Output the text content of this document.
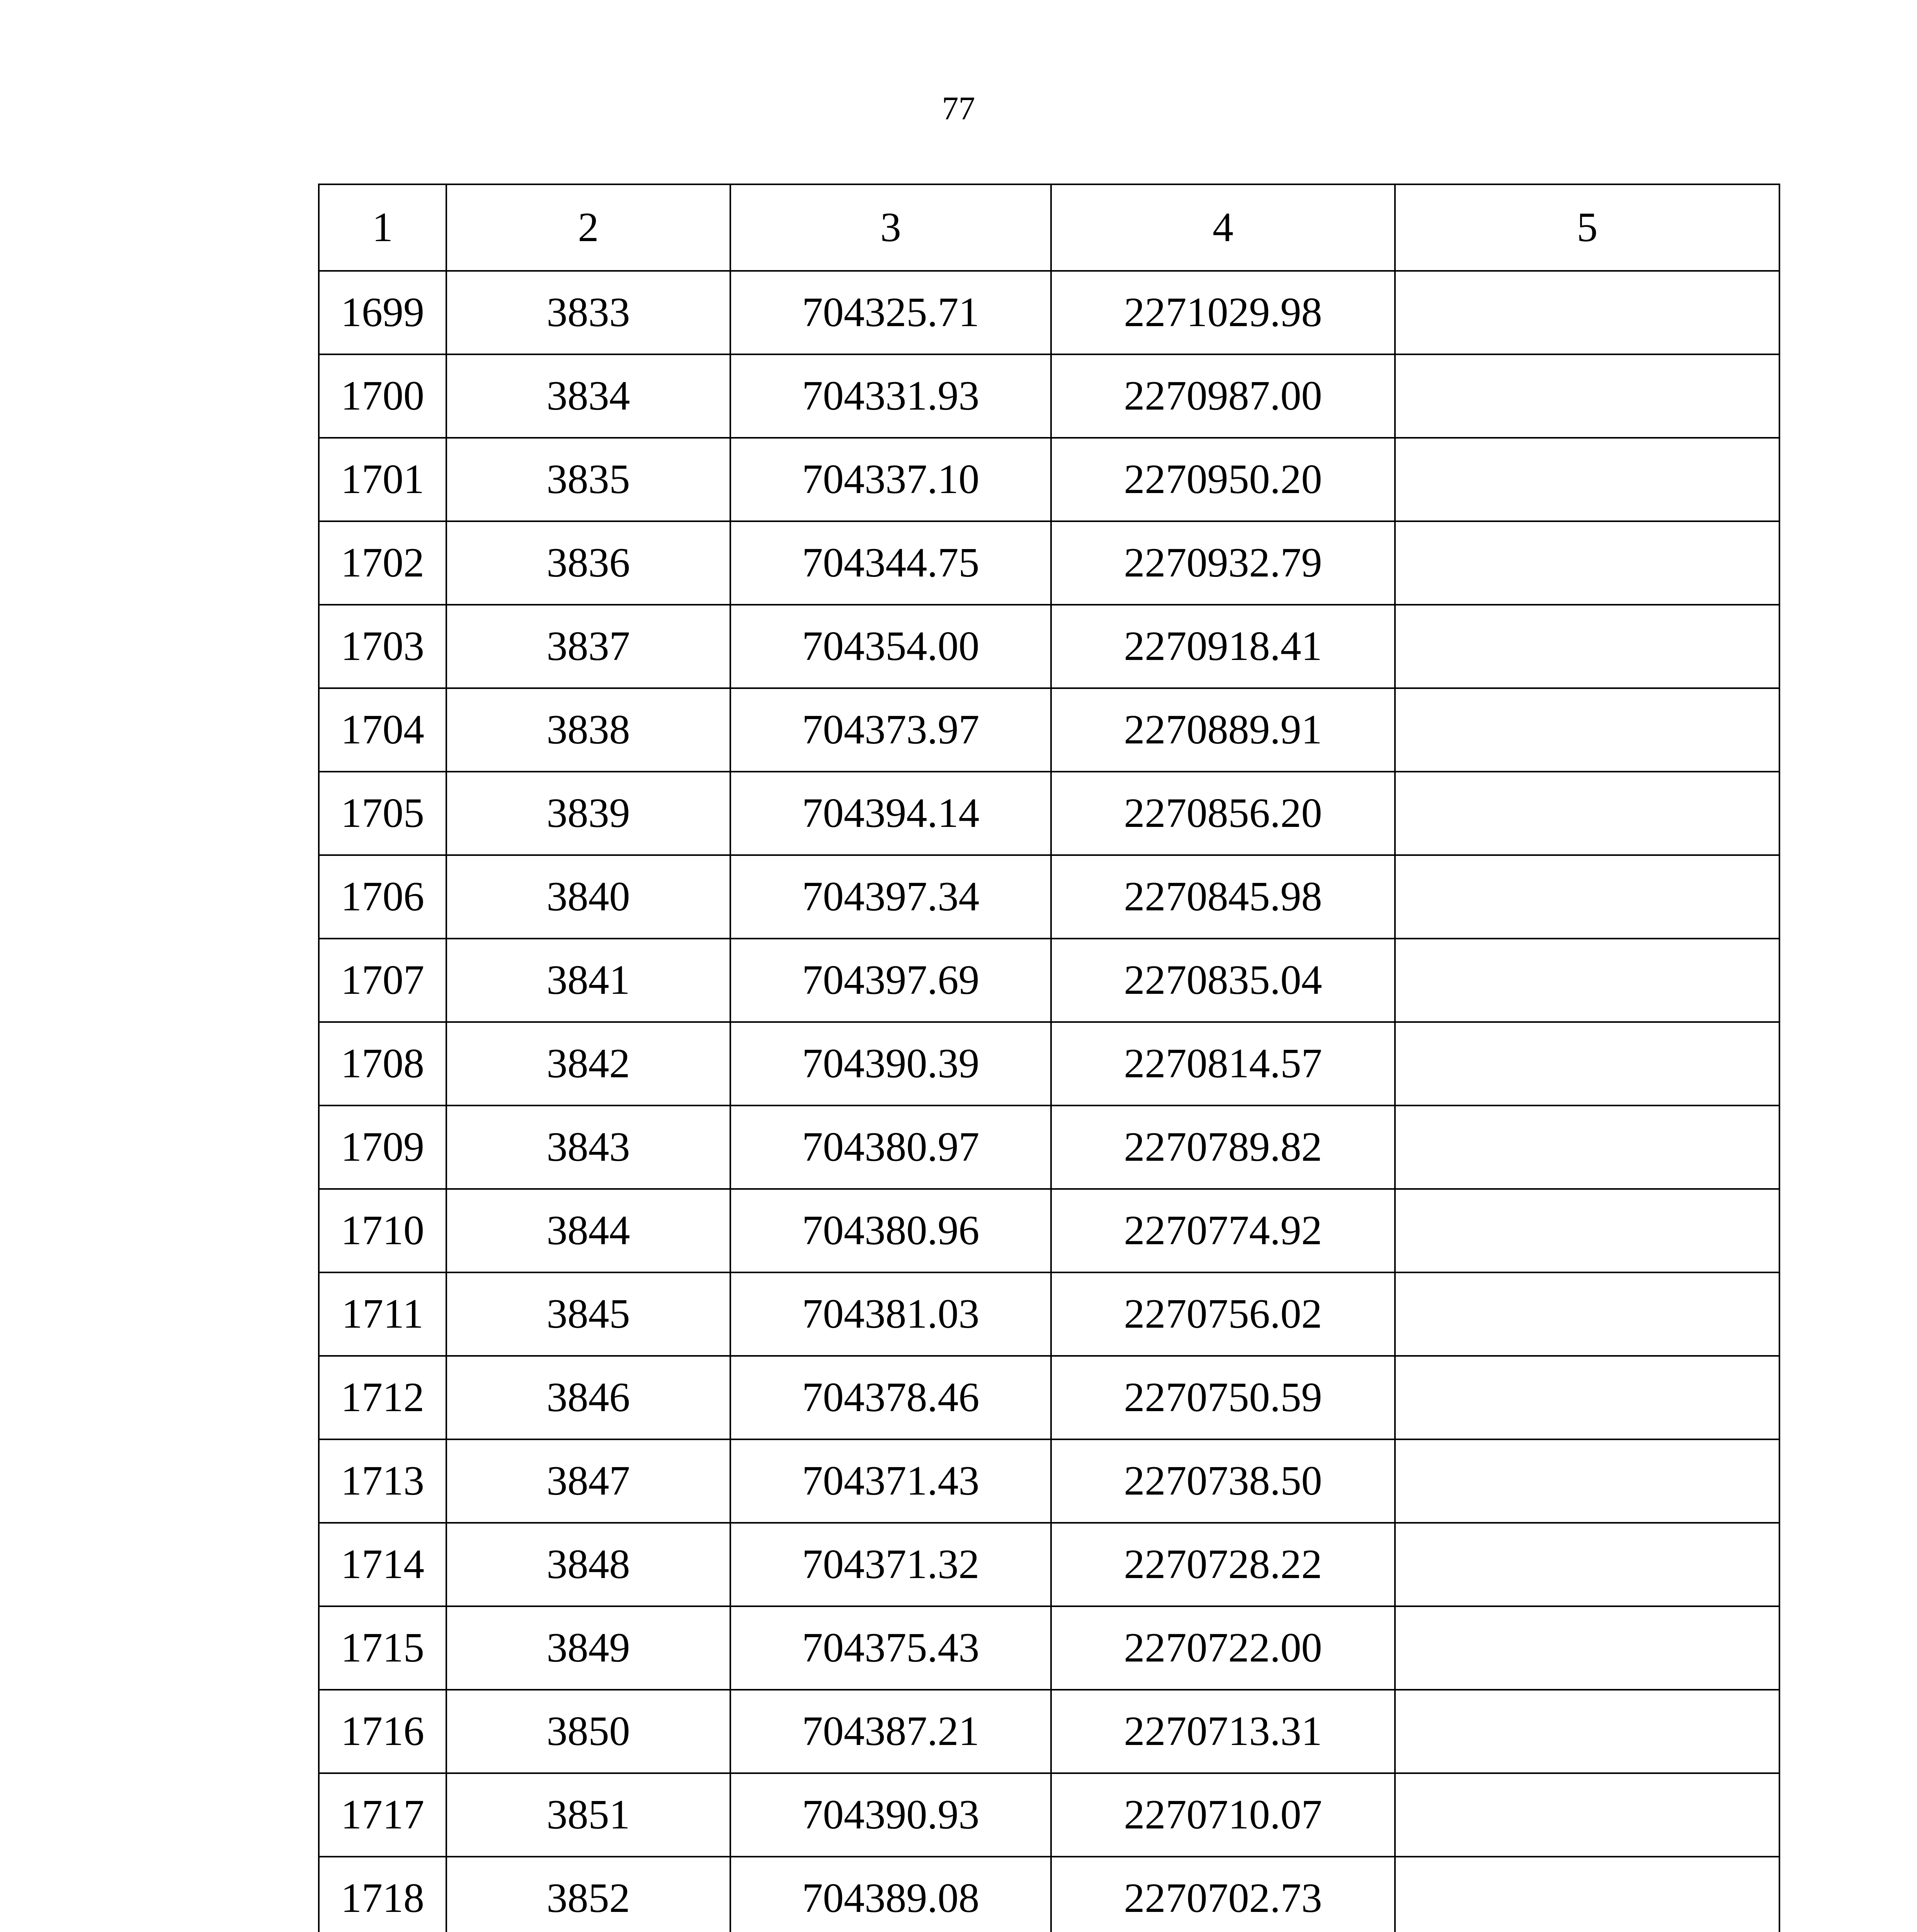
77
1	2	3	4	5
1699	3833	704325.71	2271029.98	
1700	3834	704331.93	2270987.00	
1701	3835	704337.10	2270950.20	
1702	3836	704344.75	2270932.79	
1703	3837	704354.00	2270918.41	
1704	3838	704373.97	2270889.91	
1705	3839	704394.14	2270856.20	
1706	3840	704397.34	2270845.98	
1707	3841	704397.69	2270835.04	
1708	3842	704390.39	2270814.57	
1709	3843	704380.97	2270789.82	
1710	3844	704380.96	2270774.92	
1711	3845	704381.03	2270756.02	
1712	3846	704378.46	2270750.59	
1713	3847	704371.43	2270738.50	
1714	3848	704371.32	2270728.22	
1715	3849	704375.43	2270722.00	
1716	3850	704387.21	2270713.31	
1717	3851	704390.93	2270710.07	
1718	3852	704389.08	2270702.73	
